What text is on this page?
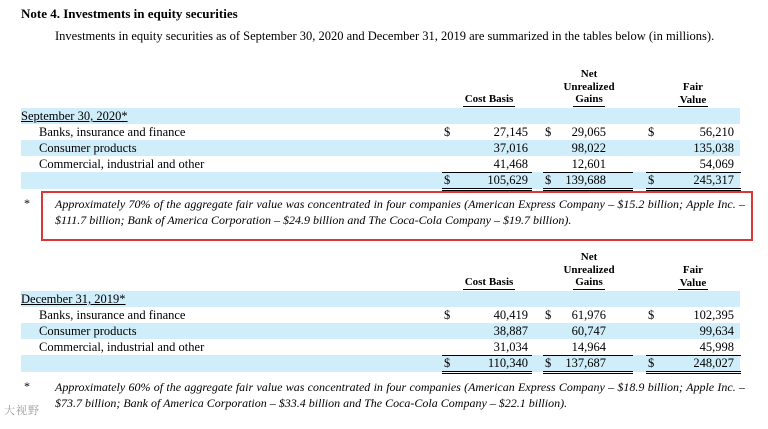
Note 4. Investments in equity securities
Investments in equity securities as of September 30, 2020 and December 31, 2019 are summarized in the tables below (in millions).
Cost Basis
Net
Unrealized
Gains
Fair
Value
September 30, 2020*
Banks, insurance and finance	$	27,145 $	29,065	$	56,210
Consumer products	37,016	98,022	135,038
Commercial, industrial and other	41,468	12,601	54,069
$	105,629 $	139,688	$	245,317
* Approximately 70% of the aggregate fair value was concentrated in four companies (American Express Company – $15.2 billion; Apple Inc. – $111.7 billion; Bank of America Corporation – $24.9 billion and The Coca-Cola Company – $19.7 billion).
Cost Basis
Net
Unrealized
Gains
Fair
Value
December 31, 2019*
Banks, insurance and finance	$	40,419 $	61,976	$	102,395
Consumer products	38,887	60,747	99,634
Commercial, industrial and other	31,034	14,964	45,998
$	110,340 $	137,687	$	248,027
* Approximately 60% of the aggregate fair value was concentrated in four companies (American Express Company – $18.9 billion; Apple Inc. – $73.7 billion; Bank of America Corporation – $33.4 billion and The Coca-Cola Company – $22.1 billion).
大视野
